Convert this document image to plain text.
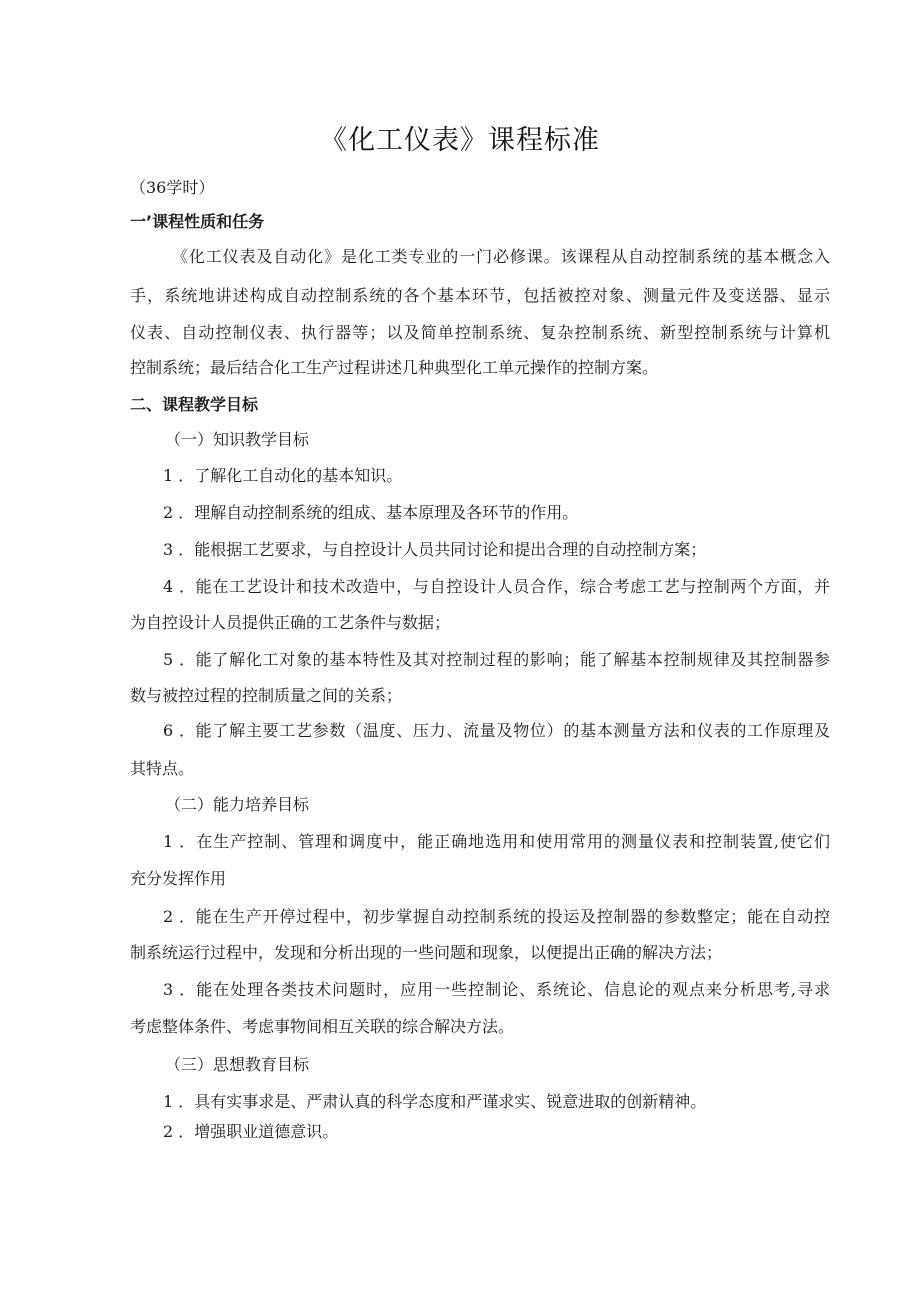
《化工仪表》课程标准
（36学时）
一’课程性质和任务
《化工仪表及自动化》是化工类专业的一门必修课。该课程从自动控制系统的基本概念入
手，系统地讲述构成自动控制系统的各个基本环节，包括被控对象、测量元件及变送器、显示
仪表、自动控制仪表、执行器等；以及简单控制系统、复杂控制系统、新型控制系统与计算机
控制系统；最后结合化工生产过程讲述几种典型化工单元操作的控制方案。
二、课程教学目标
（一）知识教学目标
1 ．了解化工自动化的基本知识。
2 ．理解自动控制系统的组成、基本原理及各环节的作用。
3 ．能根据工艺要求，与自控设计人员共同讨论和提出合理的自动控制方案；
4 ．能在工艺设计和技术改造中，与自控设计人员合作，综合考虑工艺与控制两个方面，并
为自控设计人员提供正确的工艺条件与数据；
5 ．能了解化工对象的基本特性及其对控制过程的影响；能了解基本控制规律及其控制器参
数与被控过程的控制质量之间的关系；
6 ．能了解主要工艺参数（温度、压力、流量及物位）的基本测量方法和仪表的工作原理及
其特点。
（二）能力培养目标
1 ．在生产控制、管理和调度中，能正确地选用和使用常用的测量仪表和控制装置,使它们
充分发挥作用
2 ．能在生产开停过程中，初步掌握自动控制系统的投运及控制器的参数整定；能在自动控
制系统运行过程中，发现和分析出现的一些问题和现象，以便提出正确的解决方法；
3 ．能在处理各类技术问题时，应用一些控制论、系统论、信息论的观点来分析思考,寻求
考虑整体条件、考虑事物间相互关联的综合解决方法。
（三）思想教育目标
1 ．具有实事求是、严肃认真的科学态度和严谨求实、锐意进取的创新精神。
2 ．增强职业道德意识。
